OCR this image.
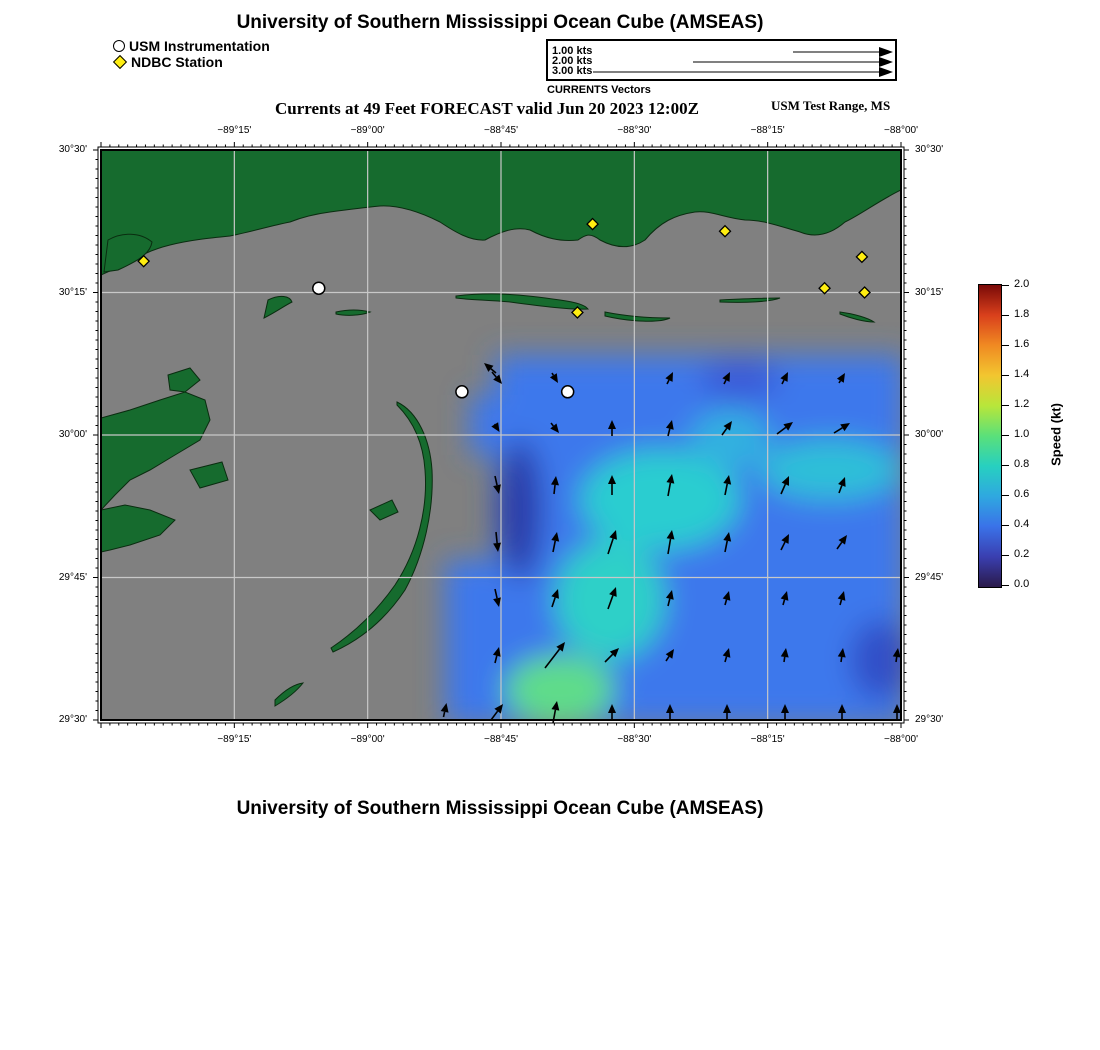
University of Southern Mississippi Ocean Cube (AMSEAS)
USM Instrumentation
NDBC Station
1.00 kts
2.00 kts
3.00 kts
CURRENTS Vectors
Currents at 49 Feet FORECAST valid Jun 20 2023 12:00Z	USM Test Range, MS
−89°15'	−89°00'	−88°45'	−88°30'	−88°15'	−88°00'
−89°15'	−89°00'	−88°45'	−88°30'	−88°15'	−88°00'
30°30'
30°15'
30°00'
29°45'
29°30'
30°30'
30°15'
30°00'
29°45'
29°30'
2.0
1.8
1.6
1.4
1.2
1.0
0.8
0.6
0.4
0.2
0.0
Speed (kt)
University of Southern Mississippi Ocean Cube (AMSEAS)
